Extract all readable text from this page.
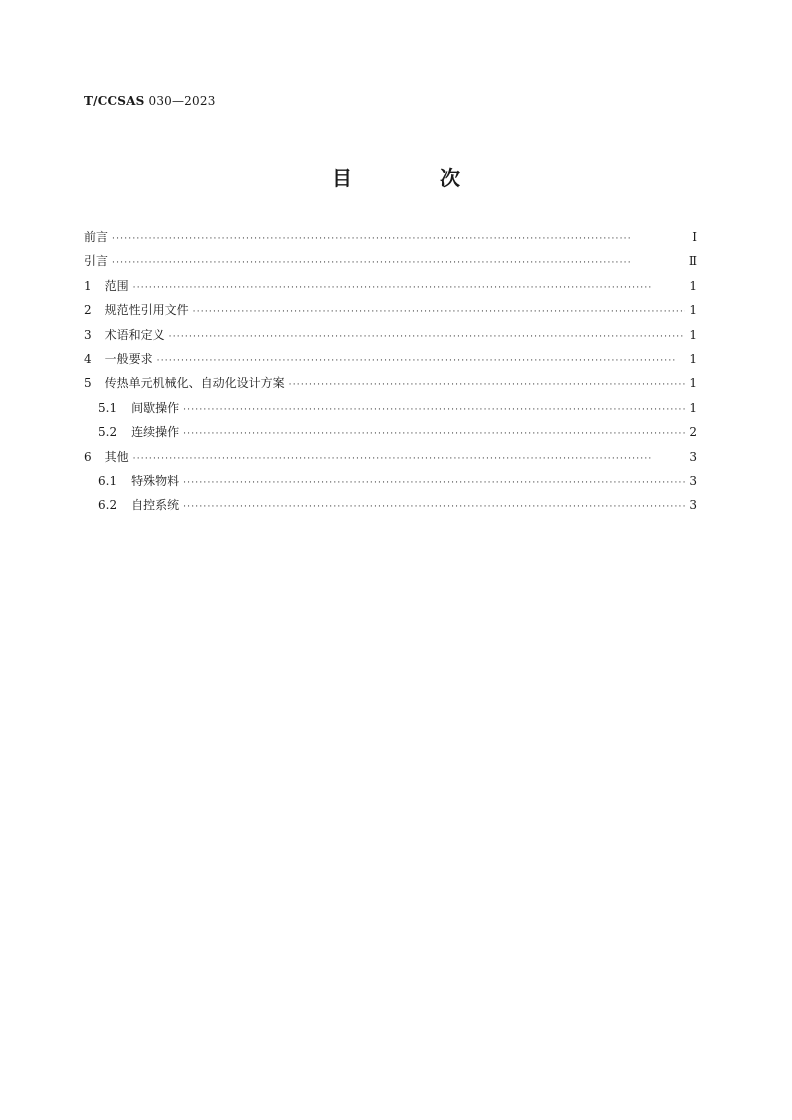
T/CCSAS 030—2023
目　次
前言 ·····	Ⅰ
引言 ·····	Ⅱ
1 范围 ·····	1
2 规范性引用文件 ·····	1
3 术语和定义 ·····	1
4 一般要求 ·····	1
5 传热单元机械化、自动化设计方案 ·····	1
5.1 间歇操作 ·····	1
5.2 连续操作 ·····	2
6 其他 ·····	3
6.1 特殊物料 ·····	3
6.2 自控系统 ·····	3
